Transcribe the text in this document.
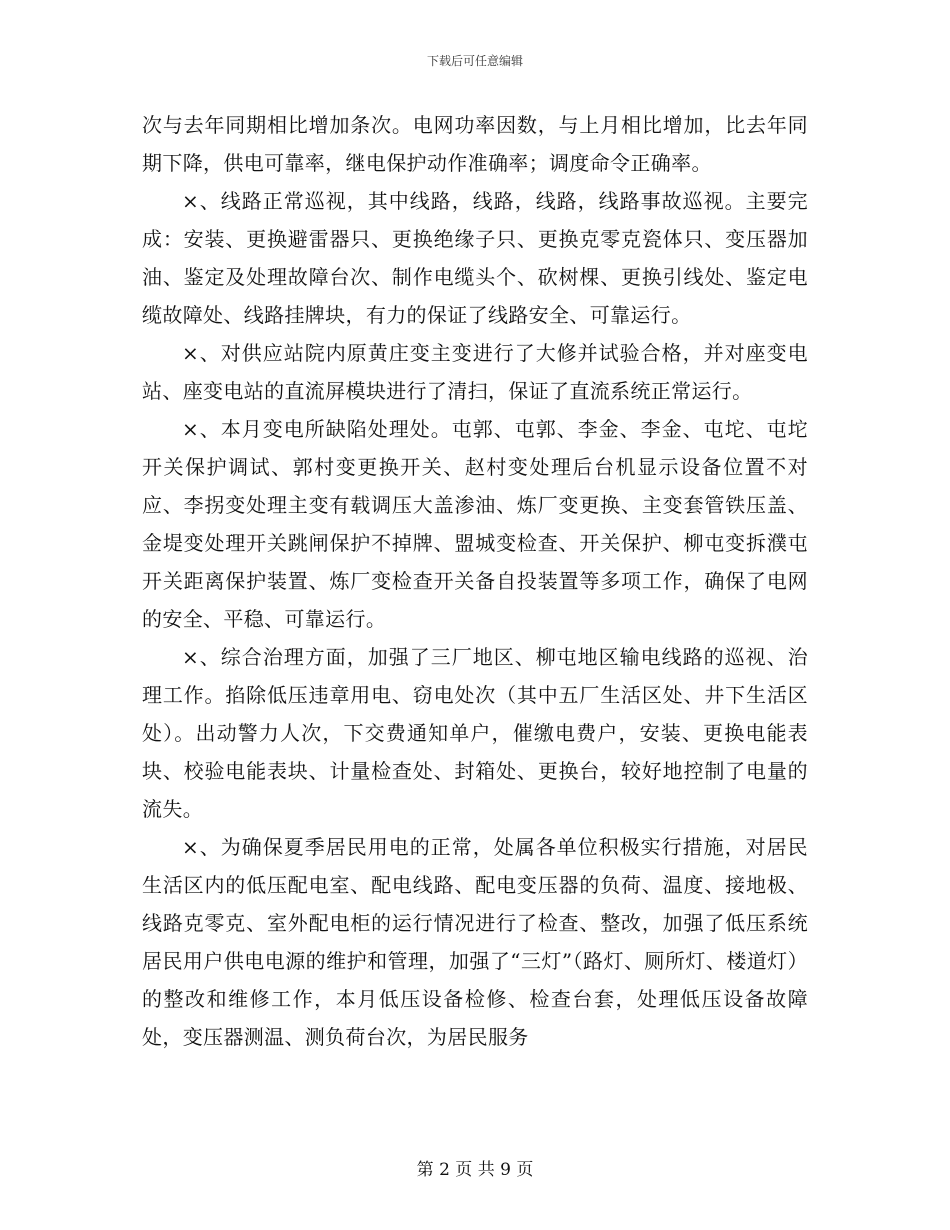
下载后可任意编辑

次与去年同期相比增加条次。电网功率因数，与上月相比增加，比去年同期下降，供电可靠率，继电保护动作准确率；调度命令正确率。

×、线路正常巡视，其中线路，线路，线路，线路事故巡视。主要完成：安装、更换避雷器只、更换绝缘子只、更换克零克瓷体只、变压器加油、鉴定及处理故障台次、制作电缆头个、砍树棵、更换引线处、鉴定电缆故障处、线路挂牌块，有力的保证了线路安全、可靠运行。

×、对供应站院内原黄庄变主变进行了大修并试验合格，并对座变电站、座变电站的直流屏模块进行了清扫，保证了直流系统正常运行。

×、本月变电所缺陷处理处。屯郭、屯郭、李金、李金、屯坨、屯坨开关保护调试、郭村变更换开关、赵村变处理后台机显示设备位置不对应、李拐变处理主变有载调压大盖渗油、炼厂变更换、主变套管铁压盖、金堤变处理开关跳闸保护不掉牌、盟城变检查、开关保护、柳屯变拆濮屯开关距离保护装置、炼厂变检查开关备自投装置等多项工作，确保了电网的安全、平稳、可靠运行。

×、综合治理方面，加强了三厂地区、柳屯地区输电线路的巡视、治理工作。掐除低压违章用电、窃电处次（其中五厂生活区处、井下生活区处）。出动警力人次，下交费通知单户，催缴电费户，安装、更换电能表块、校验电能表块、计量检查处、封箱处、更换台，较好地控制了电量的流失。

×、为确保夏季居民用电的正常，处属各单位积极实行措施，对居民生活区内的低压配电室、配电线路、配电变压器的负荷、温度、接地极、线路克零克、室外配电柜的运行情况进行了检查、整改，加强了低压系统居民用户供电电源的维护和管理，加强了“三灯”（路灯、厕所灯、楼道灯）的整改和维修工作，本月低压设备检修、检查台套，处理低压设备故障处，变压器测温、测负荷台次，为居民服务

第 2 页 共 9 页
